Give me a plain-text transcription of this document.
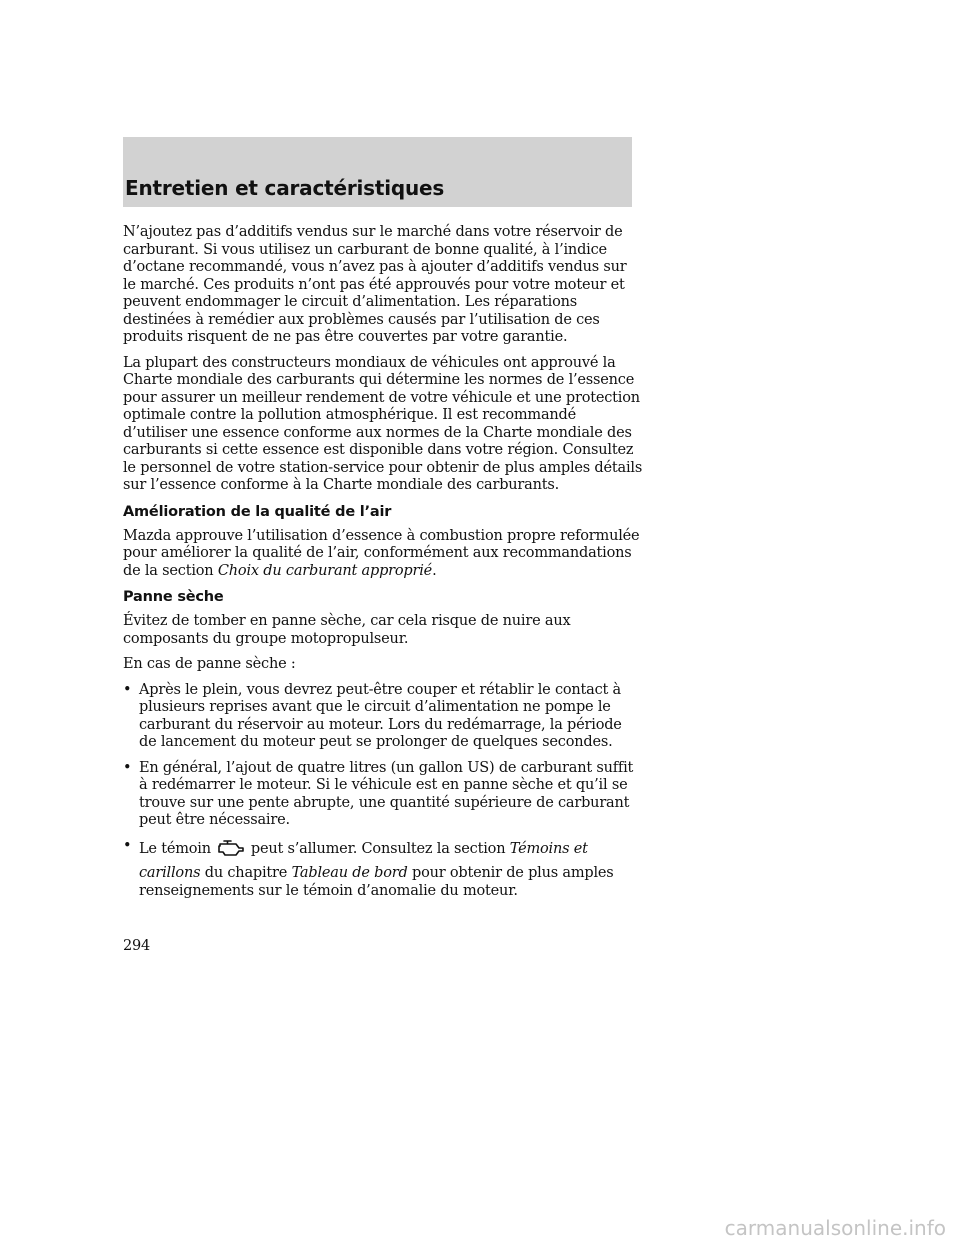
Entretien et caractéristiques

N’ajoutez pas d’additifs vendus sur le marché dans votre réservoir de carburant. Si vous utilisez un carburant de bonne qualité, à l’indice d’octane recommandé, vous n’avez pas à ajouter d’additifs vendus sur le marché. Ces produits n’ont pas été approuvés pour votre moteur et peuvent endommager le circuit d’alimentation. Les réparations destinées à remédier aux problèmes causés par l’utilisation de ces produits risquent de ne pas être couvertes par votre garantie.

La plupart des constructeurs mondiaux de véhicules ont approuvé la Charte mondiale des carburants qui détermine les normes de l’essence pour assurer un meilleur rendement de votre véhicule et une protection optimale contre la pollution atmosphérique. Il est recommandé d’utiliser une essence conforme aux normes de la Charte mondiale des carburants si cette essence est disponible dans votre région. Consultez le personnel de votre station-service pour obtenir de plus amples détails sur l’essence conforme à la Charte mondiale des carburants.

Amélioration de la qualité de l’air

Mazda approuve l’utilisation d’essence à combustion propre reformulée pour améliorer la qualité de l’air, conformément aux recommandations de la section Choix du carburant approprié.

Panne sèche

Évitez de tomber en panne sèche, car cela risque de nuire aux composants du groupe motopropulseur.

En cas de panne sèche :

• Après le plein, vous devrez peut-être couper et rétablir le contact à plusieurs reprises avant que le circuit d’alimentation ne pompe le carburant du réservoir au moteur. Lors du redémarrage, la période de lancement du moteur peut se prolonger de quelques secondes.
• En général, l’ajout de quatre litres (un gallon US) de carburant suffit à redémarrer le moteur. Si le véhicule est en panne sèche et qu’il se trouve sur une pente abrupte, une quantité supérieure de carburant peut être nécessaire.
• Le témoin	peut s’allumer. Consultez la section Témoins et carillons du chapitre Tableau de bord pour obtenir de plus amples renseignements sur le témoin d’anomalie du moteur.
294
carmanualsonline.info
